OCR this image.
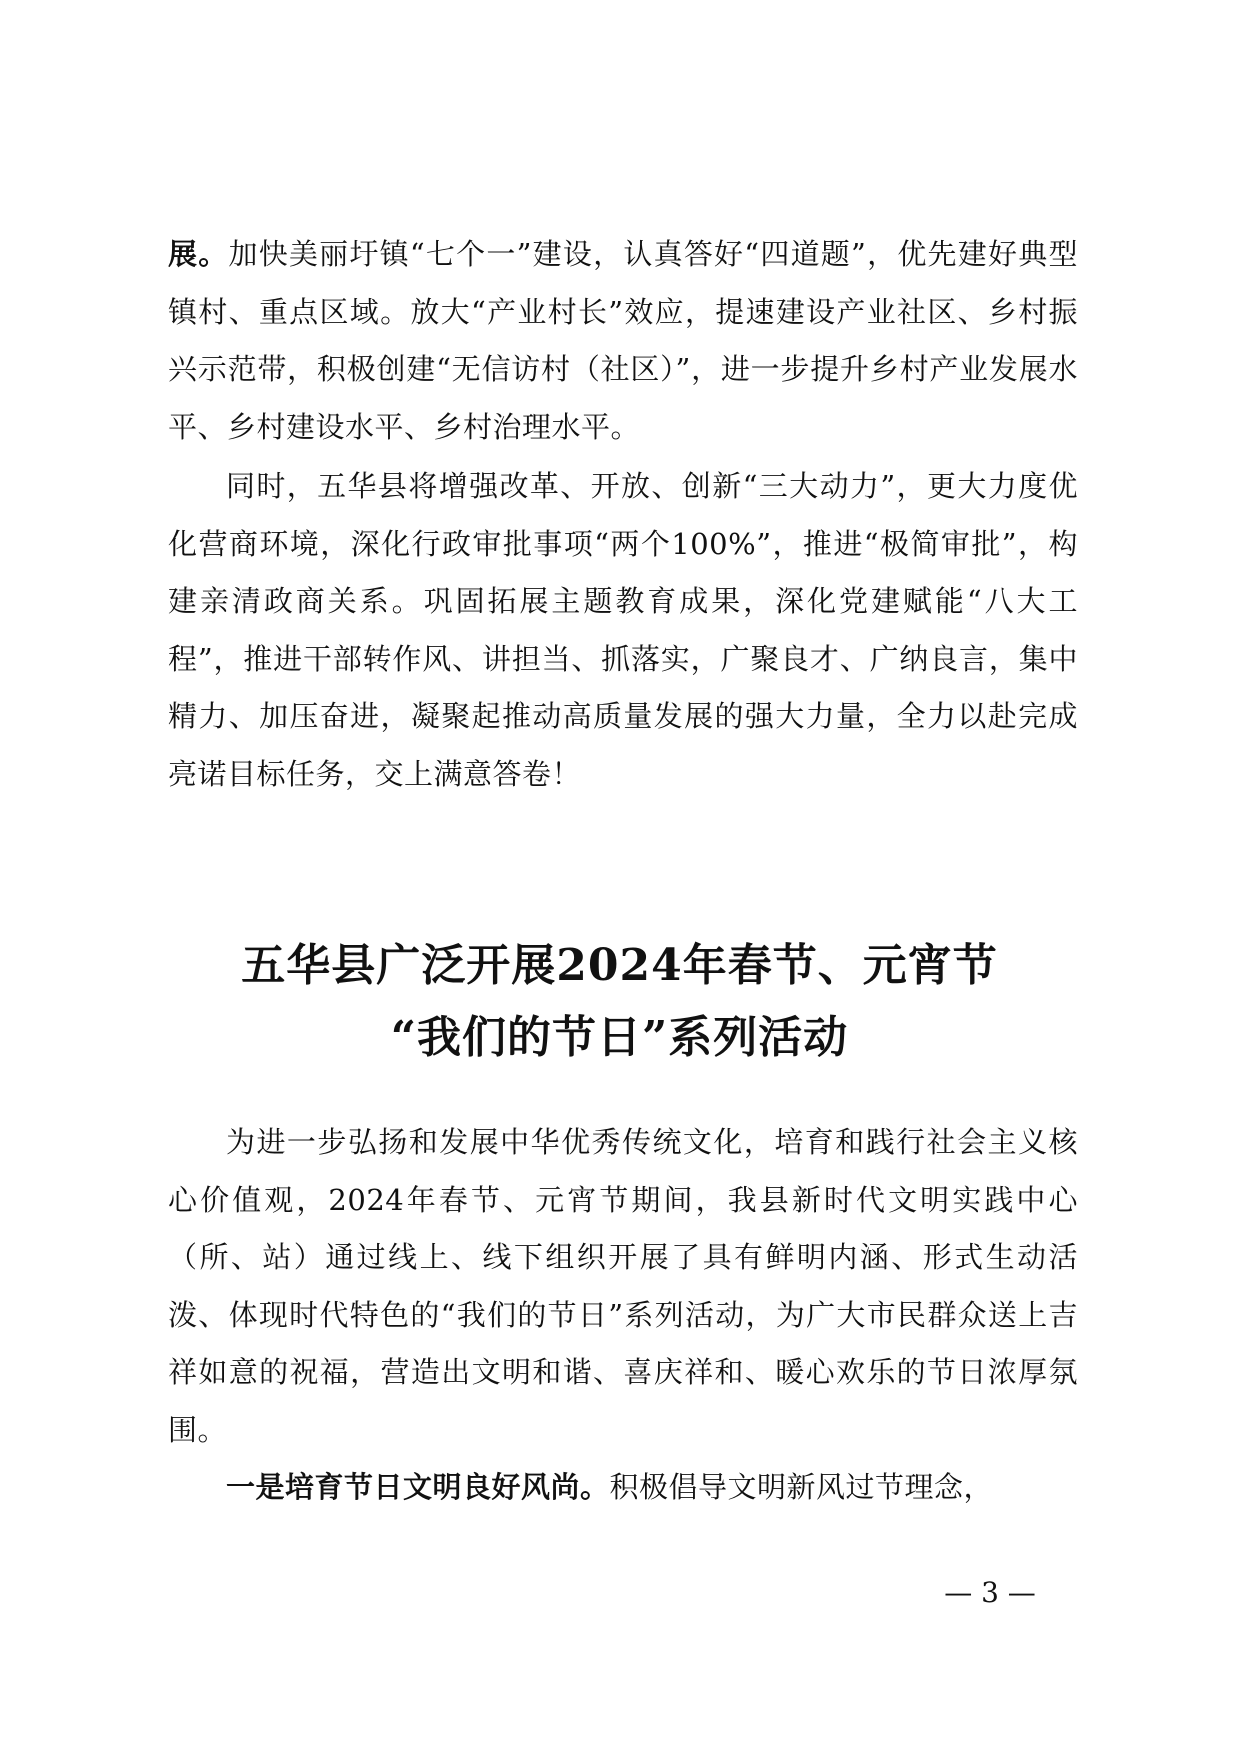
展。加快美丽圩镇“七个一”建设，认真答好“四道题”，优先建好典型镇村、重点区域。放大“产业村长”效应，提速建设产业社区、乡村振兴示范带，积极创建“无信访村（社区）”，进一步提升乡村产业发展水平、乡村建设水平、乡村治理水平。

同时，五华县将增强改革、开放、创新“三大动力”，更大力度优化营商环境，深化行政审批事项“两个100%”，推进“极简审批”，构建亲清政商关系。巩固拓展主题教育成果，深化党建赋能“八大工程”，推进干部转作风、讲担当、抓落实，广聚良才、广纳良言，集中精力、加压奋进，凝聚起推动高质量发展的强大力量，全力以赴完成亮诺目标任务，交上满意答卷！

五华县广泛开展2024年春节、元宵节
“我们的节日”系列活动

为进一步弘扬和发展中华优秀传统文化，培育和践行社会主义核心价值观，2024年春节、元宵节期间，我县新时代文明实践中心（所、站）通过线上、线下组织开展了具有鲜明内涵、形式生动活泼、体现时代特色的“我们的节日”系列活动，为广大市民群众送上吉祥如意的祝福，营造出文明和谐、喜庆祥和、暖心欢乐的节日浓厚氛围。

一是培育节日文明良好风尚。积极倡导文明新风过节理念，

— 3 —
